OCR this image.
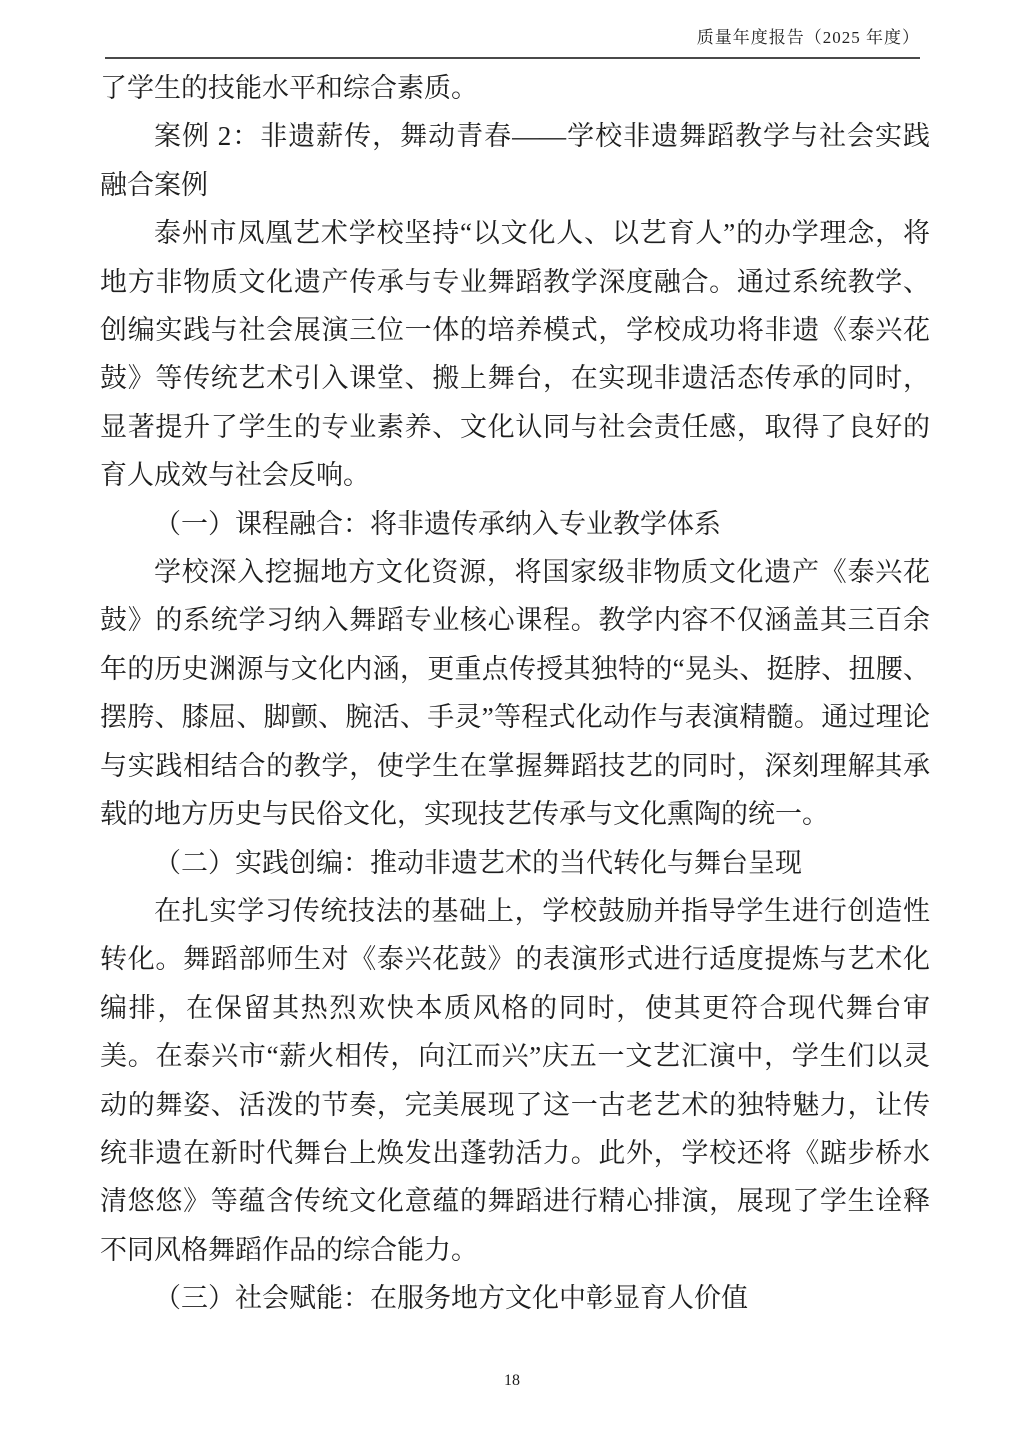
质量年度报告（2025 年度）

了学生的技能水平和综合素质。

案例 2：非遗薪传，舞动青春——学校非遗舞蹈教学与社会实践融合案例

泰州市凤凰艺术学校坚持“以文化人、以艺育人”的办学理念，将地方非物质文化遗产传承与专业舞蹈教学深度融合。通过系统教学、创编实践与社会展演三位一体的培养模式，学校成功将非遗《泰兴花鼓》等传统艺术引入课堂、搬上舞台，在实现非遗活态传承的同时，显著提升了学生的专业素养、文化认同与社会责任感，取得了良好的育人成效与社会反响。

（一）课程融合：将非遗传承纳入专业教学体系

学校深入挖掘地方文化资源，将国家级非物质文化遗产《泰兴花鼓》的系统学习纳入舞蹈专业核心课程。教学内容不仅涵盖其三百余年的历史渊源与文化内涵，更重点传授其独特的“晃头、挺脖、扭腰、摆胯、膝屈、脚颤、腕活、手灵”等程式化动作与表演精髓。通过理论与实践相结合的教学，使学生在掌握舞蹈技艺的同时，深刻理解其承载的地方历史与民俗文化，实现技艺传承与文化熏陶的统一。

（二）实践创编：推动非遗艺术的当代转化与舞台呈现

在扎实学习传统技法的基础上，学校鼓励并指导学生进行创造性转化。舞蹈部师生对《泰兴花鼓》的表演形式进行适度提炼与艺术化编排，在保留其热烈欢快本质风格的同时，使其更符合现代舞台审美。在泰兴市“薪火相传，向江而兴”庆五一文艺汇演中，学生们以灵动的舞姿、活泼的节奏，完美展现了这一古老艺术的独特魅力，让传统非遗在新时代舞台上焕发出蓬勃活力。此外，学校还将《踮步桥水清悠悠》等蕴含传统文化意蕴的舞蹈进行精心排演，展现了学生诠释不同风格舞蹈作品的综合能力。

（三）社会赋能：在服务地方文化中彰显育人价值

18
